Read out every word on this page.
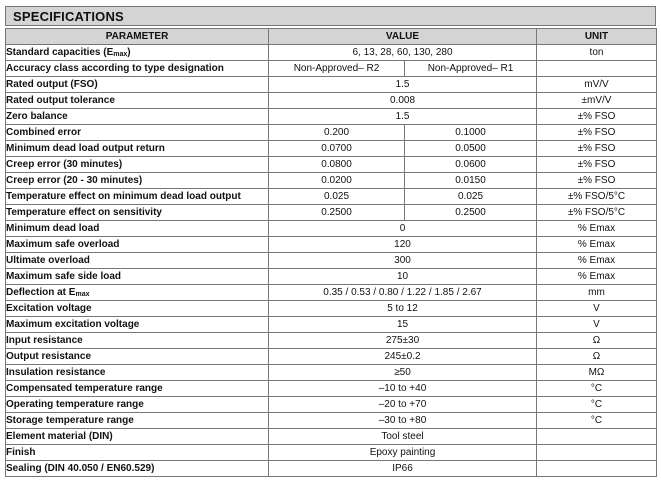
SPECIFICATIONS
PARAMETER	VALUE		UNIT
Standard capacities $(E_{max})$	6, 13, 28, 60, 130, 280		ton
Accuracy class according to type designation	Non-Approved– R2	Non-Approved– R1	
Rated output (FSO)	1.5		mV/V
Rated output tolerance	0.008		±mV/V
Zero balance	1.5		±% FSO
Combined error	0.200	0.1000	±% FSO
Minimum dead load output return	0.0700	0.0500	±% FSO
Creep error (30 minutes)	0.0800	0.0600	±% FSO
Creep error (20 - 30 minutes)	0.0200	0.0150	±% FSO
Temperature effect on minimum dead load output	0.025	0.025	±% FSO/5°C
Temperature effect on sensitivity	0.2500	0.2500	±% FSO/5°C
Minimum dead load	0		% Emax
Maximum safe overload	120		% Emax
Ultimate overload	300		% Emax
Maximum safe side load	10		% Emax
Deflection at $E_{max}$	0.35 / 0.53 / 0.80 / 1.22 / 1.85 / 2.67		mm
Excitation voltage	5 to 12		V
Maximum excitation voltage	15		V
Input resistance	275±30		Ω
Output resistance	245±0.2		Ω
Insulation resistance	≥50		MΩ
Compensated temperature range	–10 to +40		°C
Operating temperature range	–20 to +70		°C
Storage temperature range	–30 to +80		°C
Element material (DIN)	Tool steel		
Finish	Epoxy painting		
Sealing (DIN 40.050 / EN60.529)	IP66		
